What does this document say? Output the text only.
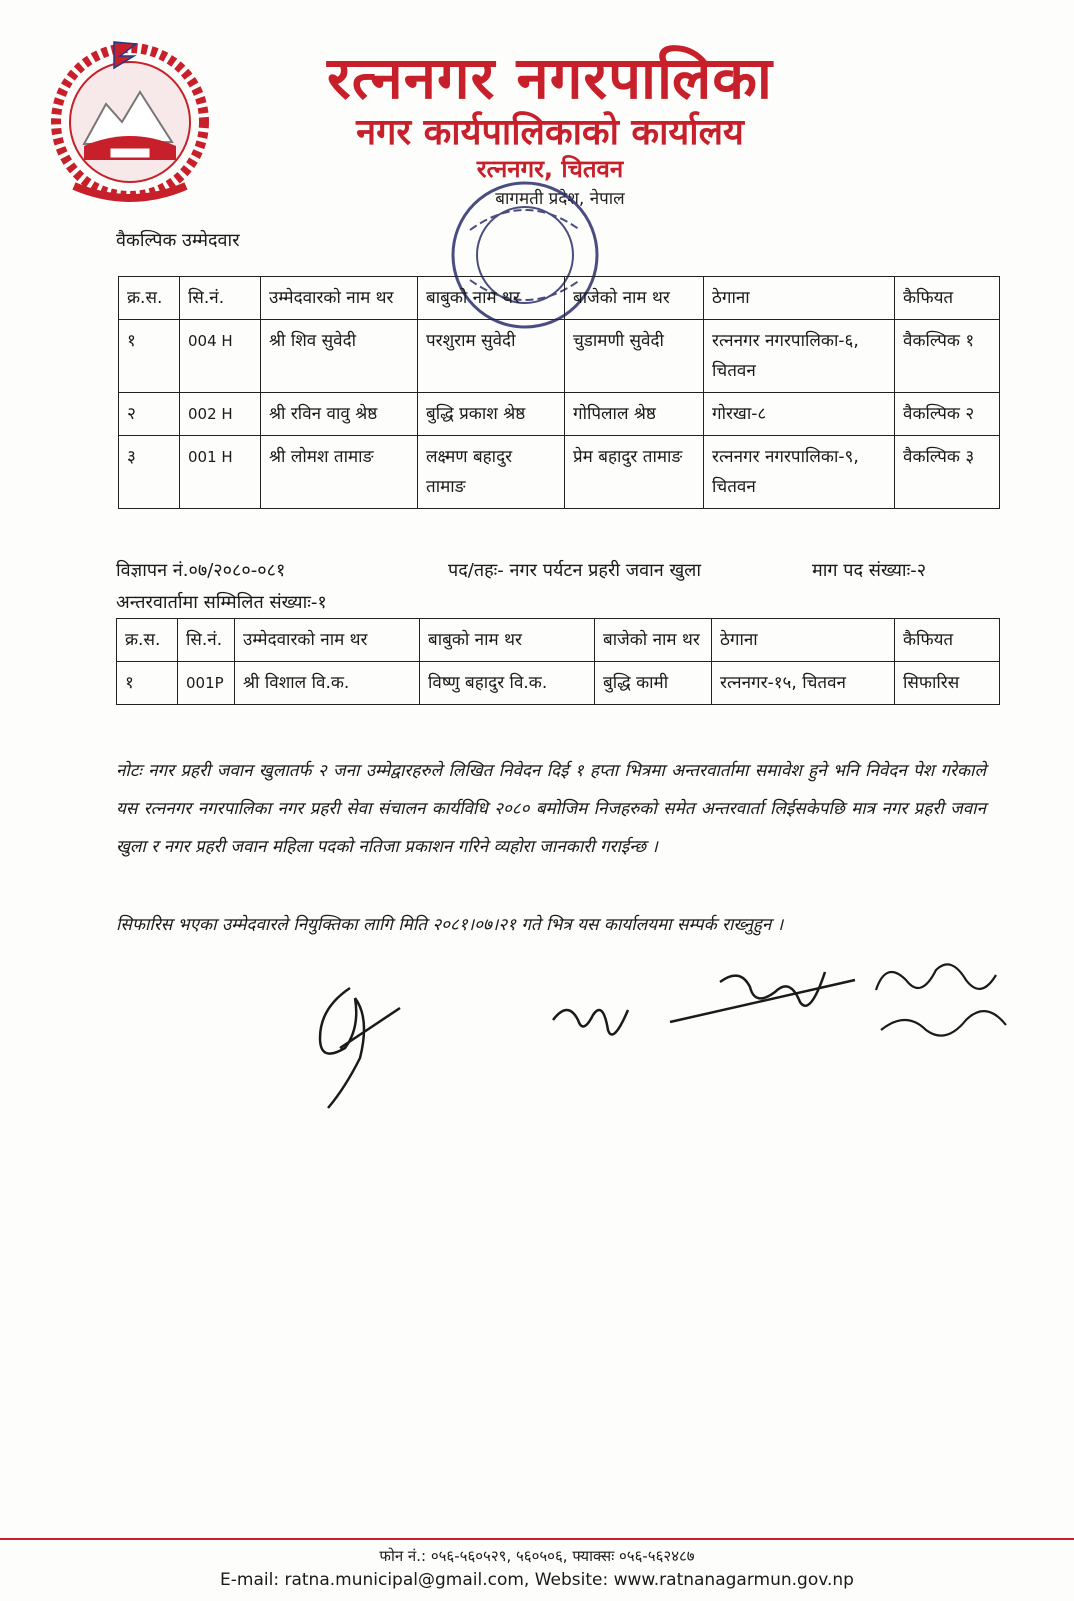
रत्ननगर नगरपालिका
नगर कार्यपालिकाको कार्यालय
रत्ननगर, चितवन
बागमती प्रदेश, नेपाल
वैकल्पिक उम्मेदवार
क्र.स.	सि.नं.	उम्मेदवारको नाम थर	बाबुको नाम थर	बाजेको नाम थर	ठेगाना	कैफियत
१	004 H	श्री शिव सुवेदी	परशुराम सुवेदी	चुडामणी सुवेदी	रत्ननगर नगरपालिका-६, चितवन	वैकल्पिक १
२	002 H	श्री रविन वावु श्रेष्ठ	बुद्धि प्रकाश श्रेष्ठ	गोपिलाल श्रेष्ठ	गोरखा-८	वैकल्पिक २
३	001 H	श्री लोमश तामाङ	लक्ष्मण बहादुर तामाङ	प्रेम बहादुर तामाङ	रत्ननगर नगरपालिका-९, चितवन	वैकल्पिक ३
विज्ञापन नं.०७/२०८०-०८१	पद/तहः- नगर पर्यटन प्रहरी जवान खुला	माग पद संख्याः-२
अन्तरवार्तामा सम्मिलित संख्याः-१
क्र.स.	सि.नं.	उम्मेदवारको नाम थर	बाबुको नाम थर	बाजेको नाम थर	ठेगाना	कैफियत
१	001P	श्री विशाल वि.क.	विष्णु बहादुर वि.क.	बुद्धि कामी	रत्ननगर-१५, चितवन	सिफारिस
नोटः नगर प्रहरी जवान खुलातर्फ २ जना उम्मेद्वारहरुले लिखित निवेदन दिई १ हप्ता भित्रमा अन्तरवार्तामा समावेश हुने भनि निवेदन पेश गरेकाले यस रत्ननगर नगरपालिका नगर प्रहरी सेवा संचालन कार्यविधि २०८० बमोजिम निजहरुको समेत अन्तरवार्ता लिईसकेपछि मात्र नगर प्रहरी जवान खुला र नगर प्रहरी जवान महिला पदको नतिजा प्रकाशन गरिने व्यहोरा जानकारी गराईन्छ ।
सिफारिस भएका उम्मेदवारले नियुक्तिका लागि मिति २०८१।०७।२१ गते भित्र यस कार्यालयमा सम्पर्क राख्नुहुन ।
फोन नं.: ०५६-५६०५२९, ५६०५०६, फ्याक्सः ०५६-५६२४८७
E-mail: ratna.municipal@gmail.com, Website: www.ratnanagarmun.gov.np
